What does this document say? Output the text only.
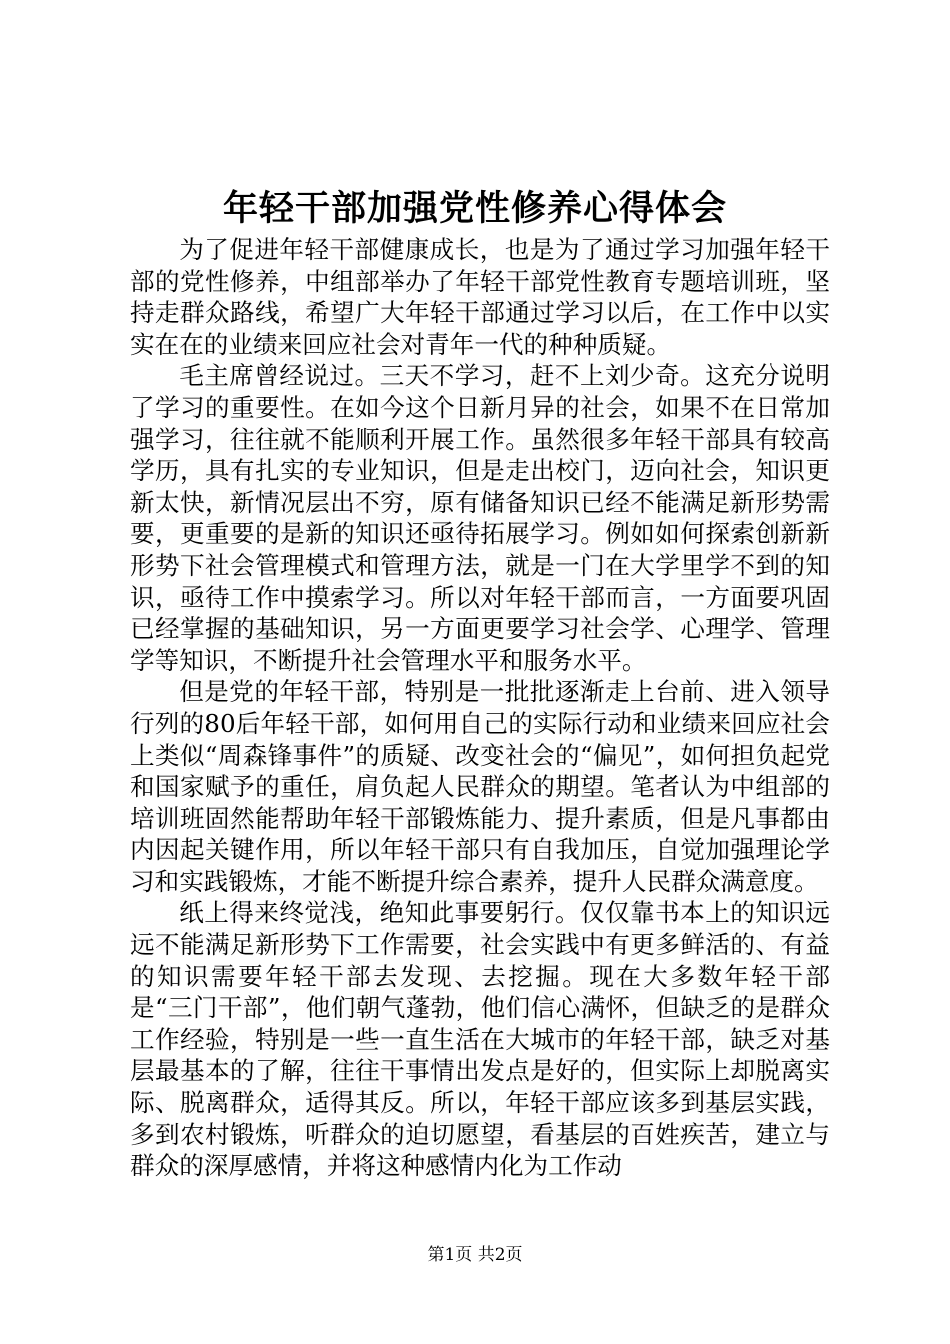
年轻干部加强党性修养心得体会

为了促进年轻干部健康成长，也是为了通过学习加强年轻干部的党性修养，中组部举办了年轻干部党性教育专题培训班，坚持走群众路线，希望广大年轻干部通过学习以后，在工作中以实实在在的业绩来回应社会对青年一代的种种质疑。

毛主席曾经说过。三天不学习，赶不上刘少奇。这充分说明了学习的重要性。在如今这个日新月异的社会，如果不在日常加强学习，往往就不能顺利开展工作。虽然很多年轻干部具有较高学历，具有扎实的专业知识，但是走出校门，迈向社会，知识更新太快，新情况层出不穷，原有储备知识已经不能满足新形势需要，更重要的是新的知识还亟待拓展学习。例如如何探索创新新形势下社会管理模式和管理方法，就是一门在大学里学不到的知识，亟待工作中摸索学习。所以对年轻干部而言，一方面要巩固已经掌握的基础知识，另一方面更要学习社会学、心理学、管理学等知识，不断提升社会管理水平和服务水平。

但是党的年轻干部，特别是一批批逐渐走上台前、进入领导行列的80后年轻干部，如何用自己的实际行动和业绩来回应社会上类似“周森锋事件”的质疑、改变社会的“偏见”，如何担负起党和国家赋予的重任，肩负起人民群众的期望。笔者认为中组部的培训班固然能帮助年轻干部锻炼能力、提升素质，但是凡事都由内因起关键作用，所以年轻干部只有自我加压，自觉加强理论学习和实践锻炼，才能不断提升综合素养，提升人民群众满意度。

纸上得来终觉浅，绝知此事要躬行。仅仅靠书本上的知识远远不能满足新形势下工作需要，社会实践中有更多鲜活的、有益的知识需要年轻干部去发现、去挖掘。现在大多数年轻干部是“三门干部”，他们朝气蓬勃，他们信心满怀，但缺乏的是群众工作经验，特别是一些一直生活在大城市的年轻干部，缺乏对基层最基本的了解，往往干事情出发点是好的，但实际上却脱离实际、脱离群众，适得其反。所以，年轻干部应该多到基层实践，多到农村锻炼，听群众的迫切愿望，看基层的百姓疾苦，建立与群众的深厚感情，并将这种感情内化为工作动

第1页 共2页
